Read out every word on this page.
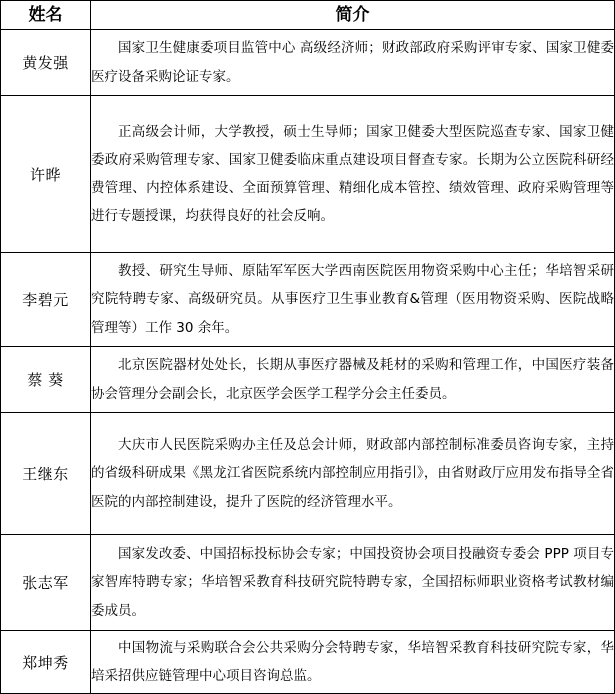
姓名	简介
黄发强	国家卫生健康委项目监管中心 高级经济师；财政部政府采购评审专家、国家卫健委医疗设备采购论证专家。
许晔	正高级会计师，大学教授，硕士生导师；国家卫健委大型医院巡查专家、国家卫健委政府采购管理专家、国家卫健委临床重点建设项目督查专家。长期为公立医院科研经费管理、内控体系建设、全面预算管理、精细化成本管控、绩效管理、政府采购管理等进行专题授课，均获得良好的社会反响。
李碧元	教授、研究生导师、原陆军军医大学西南医院医用物资采购中心主任；华培智采研究院特聘专家、高级研究员。从事医疗卫生事业教育&管理（医用物资采购、医院战略管理等）工作 30 余年。
蔡 葵	北京医院器材处处长，长期从事医疗器械及耗材的采购和管理工作，中国医疗装备协会管理分会副会长，北京医学会医学工程学分会主任委员。
王继东	大庆市人民医院采购办主任及总会计师，财政部内部控制标准委员咨询专家，主持的省级科研成果《黑龙江省医院系统内部控制应用指引》，由省财政厅应用发布指导全省医院的内部控制建设，提升了医院的经济管理水平。
张志军	国家发改委、中国招标投标协会专家；中国投资协会项目投融资专委会 PPP 项目专家智库特聘专家；华培智采教育科技研究院特聘专家，全国招标师职业资格考试教材编委成员。
郑坤秀	中国物流与采购联合会公共采购分会特聘专家，华培智采教育科技研究院专家，华培采招供应链管理中心项目咨询总监。
